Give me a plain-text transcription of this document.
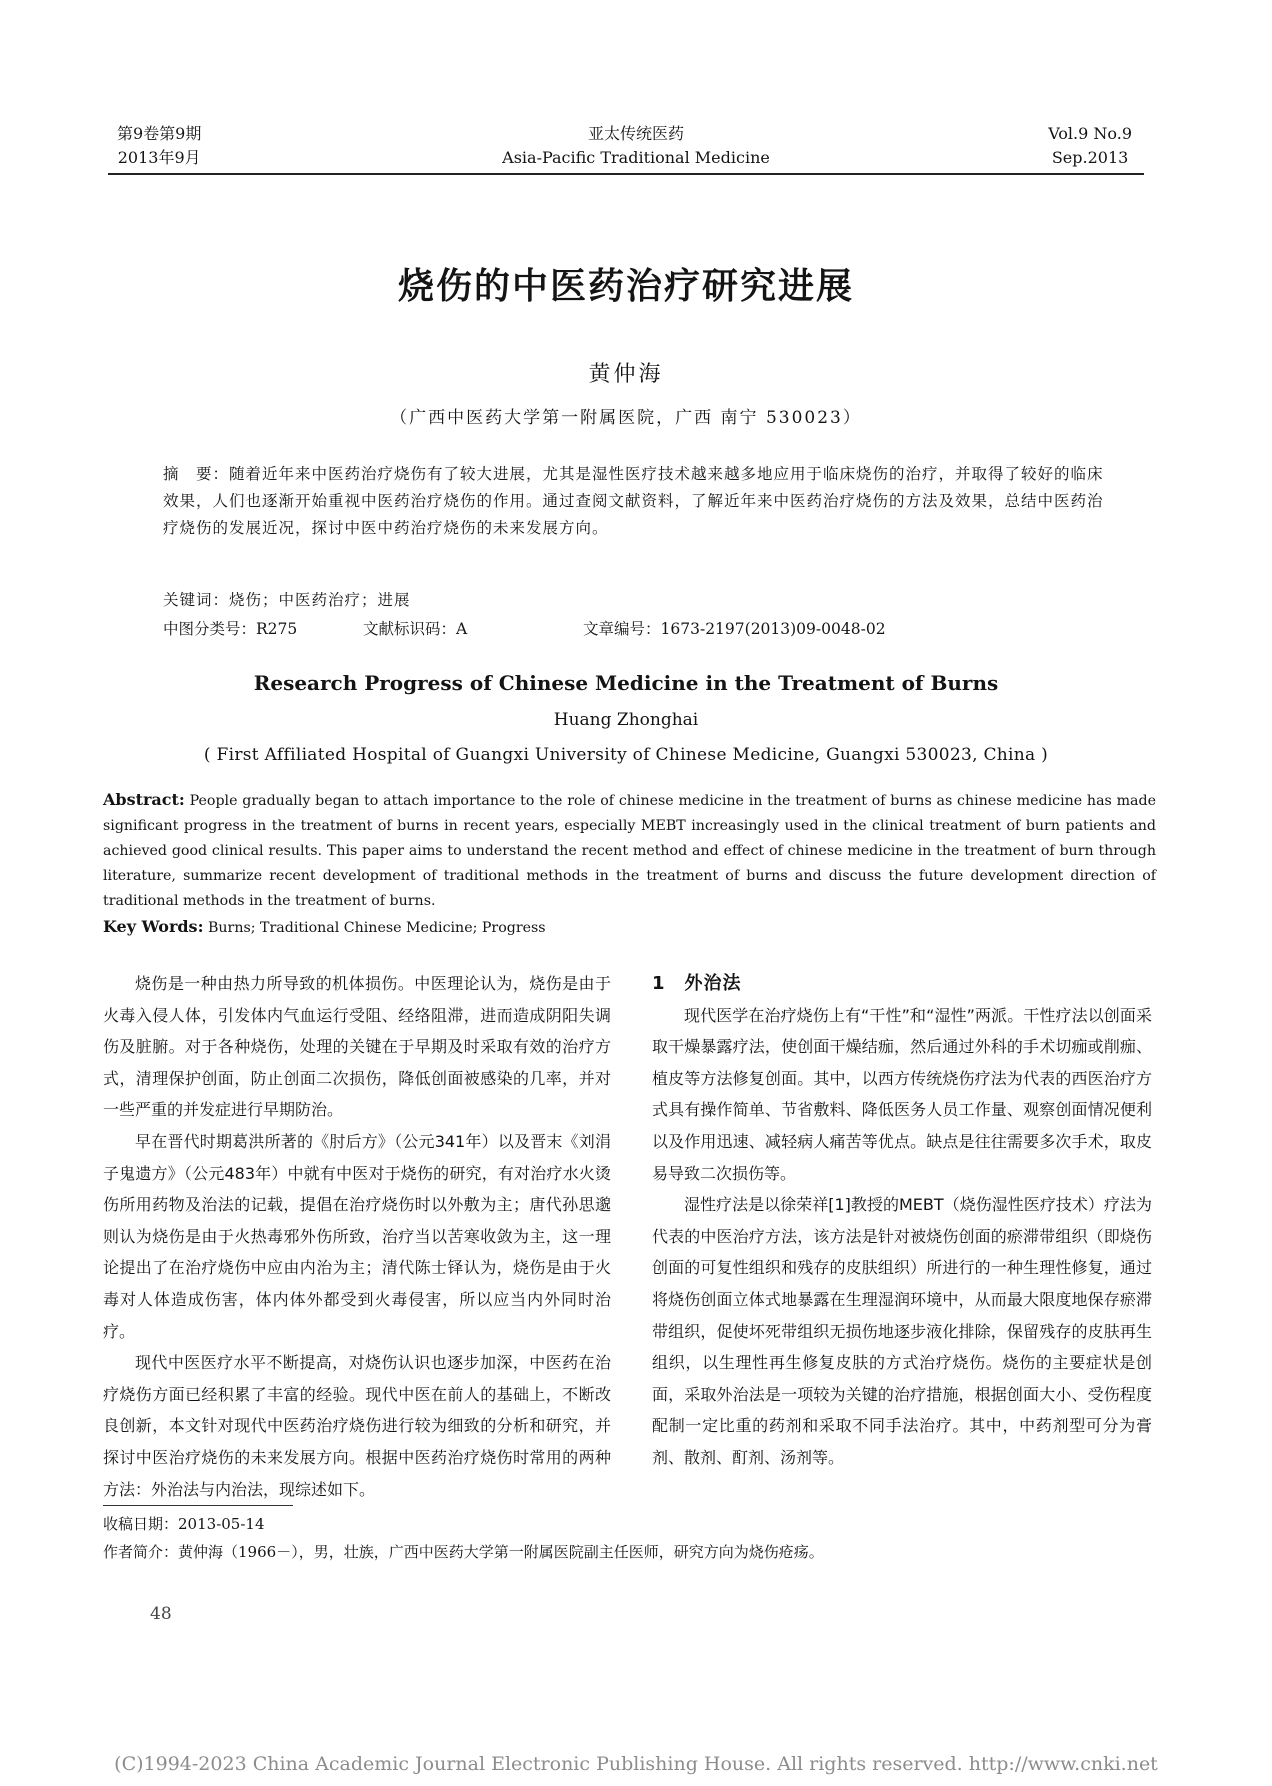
第9卷第9期
2013年9月
亚太传统医药
Asia-Pacific Traditional Medicine
Vol.9 No.9
Sep.2013
烧伤的中医药治疗研究进展
黄仲海
（广西中医药大学第一附属医院，广西 南宁 530023）
摘　要：随着近年来中医药治疗烧伤有了较大进展，尤其是湿性医疗技术越来越多地应用于临床烧伤的治疗，并取得了较好的临床效果，人们也逐渐开始重视中医药治疗烧伤的作用。通过查阅文献资料，了解近年来中医药治疗烧伤的方法及效果，总结中医药治疗烧伤的发展近况，探讨中医中药治疗烧伤的未来发展方向。
关键词：烧伤；中医药治疗；进展
中图分类号：R275	文献标识码：A	文章编号：1673-2197(2013)09-0048-02
Research Progress of Chinese Medicine in the Treatment of Burns
Huang Zhonghai
( First Affiliated Hospital of Guangxi University of Chinese Medicine, Guangxi 530023, China )
Abstract: People gradually began to attach importance to the role of chinese medicine in the treatment of burns as chinese medicine has made significant progress in the treatment of burns in recent years, especially MEBT increasingly used in the clinical treatment of burn patients and achieved good clinical results. This paper aims to understand the recent method and effect of chinese medicine in the treatment of burn through literature, summarize recent development of traditional methods in the treatment of burns and discuss the future development direction of traditional methods in the treatment of burns.
Key Words: Burns; Traditional Chinese Medicine; Progress

烧伤是一种由热力所导致的机体损伤。中医理论认为，烧伤是由于火毒入侵人体，引发体内气血运行受阻、经络阻滞，进而造成阴阳失调伤及脏腑。对于各种烧伤，处理的关键在于早期及时采取有效的治疗方式，清理保护创面，防止创面二次损伤，降低创面被感染的几率，并对一些严重的并发症进行早期防治。

早在晋代时期葛洪所著的《肘后方》（公元341年）以及晋末《刘涓子鬼遗方》（公元483年）中就有中医对于烧伤的研究，有对治疗水火烫伤所用药物及治法的记载，提倡在治疗烧伤时以外敷为主；唐代孙思邈则认为烧伤是由于火热毒邪外伤所致，治疗当以苦寒收敛为主，这一理论提出了在治疗烧伤中应由内治为主；清代陈士铎认为，烧伤是由于火毒对人体造成伤害，体内体外都受到火毒侵害，所以应当内外同时治疗。

现代中医医疗水平不断提高，对烧伤认识也逐步加深，中医药在治疗烧伤方面已经积累了丰富的经验。现代中医在前人的基础上，不断改良创新，本文针对现代中医药治疗烧伤进行较为细致的分析和研究，并探讨中医治疗烧伤的未来发展方向。根据中医药治疗烧伤时常用的两种方法：外治法与内治法，现综述如下。

1　外治法

现代医学在治疗烧伤上有“干性”和“湿性”两派。干性疗法以创面采取干燥暴露疗法，使创面干燥结痂，然后通过外科的手术切痂或削痂、植皮等方法修复创面。其中，以西方传统烧伤疗法为代表的西医治疗方式具有操作简单、节省敷料、降低医务人员工作量、观察创面情况便利以及作用迅速、减轻病人痛苦等优点。缺点是往往需要多次手术，取皮易导致二次损伤等。

湿性疗法是以徐荣祥[1]教授的MEBT（烧伤湿性医疗技术）疗法为代表的中医治疗方法，该方法是针对被烧伤创面的瘀滞带组织（即烧伤创面的可复性组织和残存的皮肤组织）所进行的一种生理性修复，通过将烧伤创面立体式地暴露在生理湿润环境中，从而最大限度地保存瘀滞带组织，促使坏死带组织无损伤地逐步液化排除，保留残存的皮肤再生组织，以生理性再生修复皮肤的方式治疗烧伤。烧伤的主要症状是创面，采取外治法是一项较为关键的治疗措施，根据创面大小、受伤程度配制一定比重的药剂和采取不同手法治疗。其中，中药剂型可分为膏剂、散剂、酊剂、汤剂等。

收稿日期：2013-05-14
作者简介：黄仲海（1966－），男，壮族，广西中医药大学第一附属医院副主任医师，研究方向为烧伤疮疡。
48
(C)1994-2023 China Academic Journal Electronic Publishing House. All rights reserved. http://www.cnki.net
